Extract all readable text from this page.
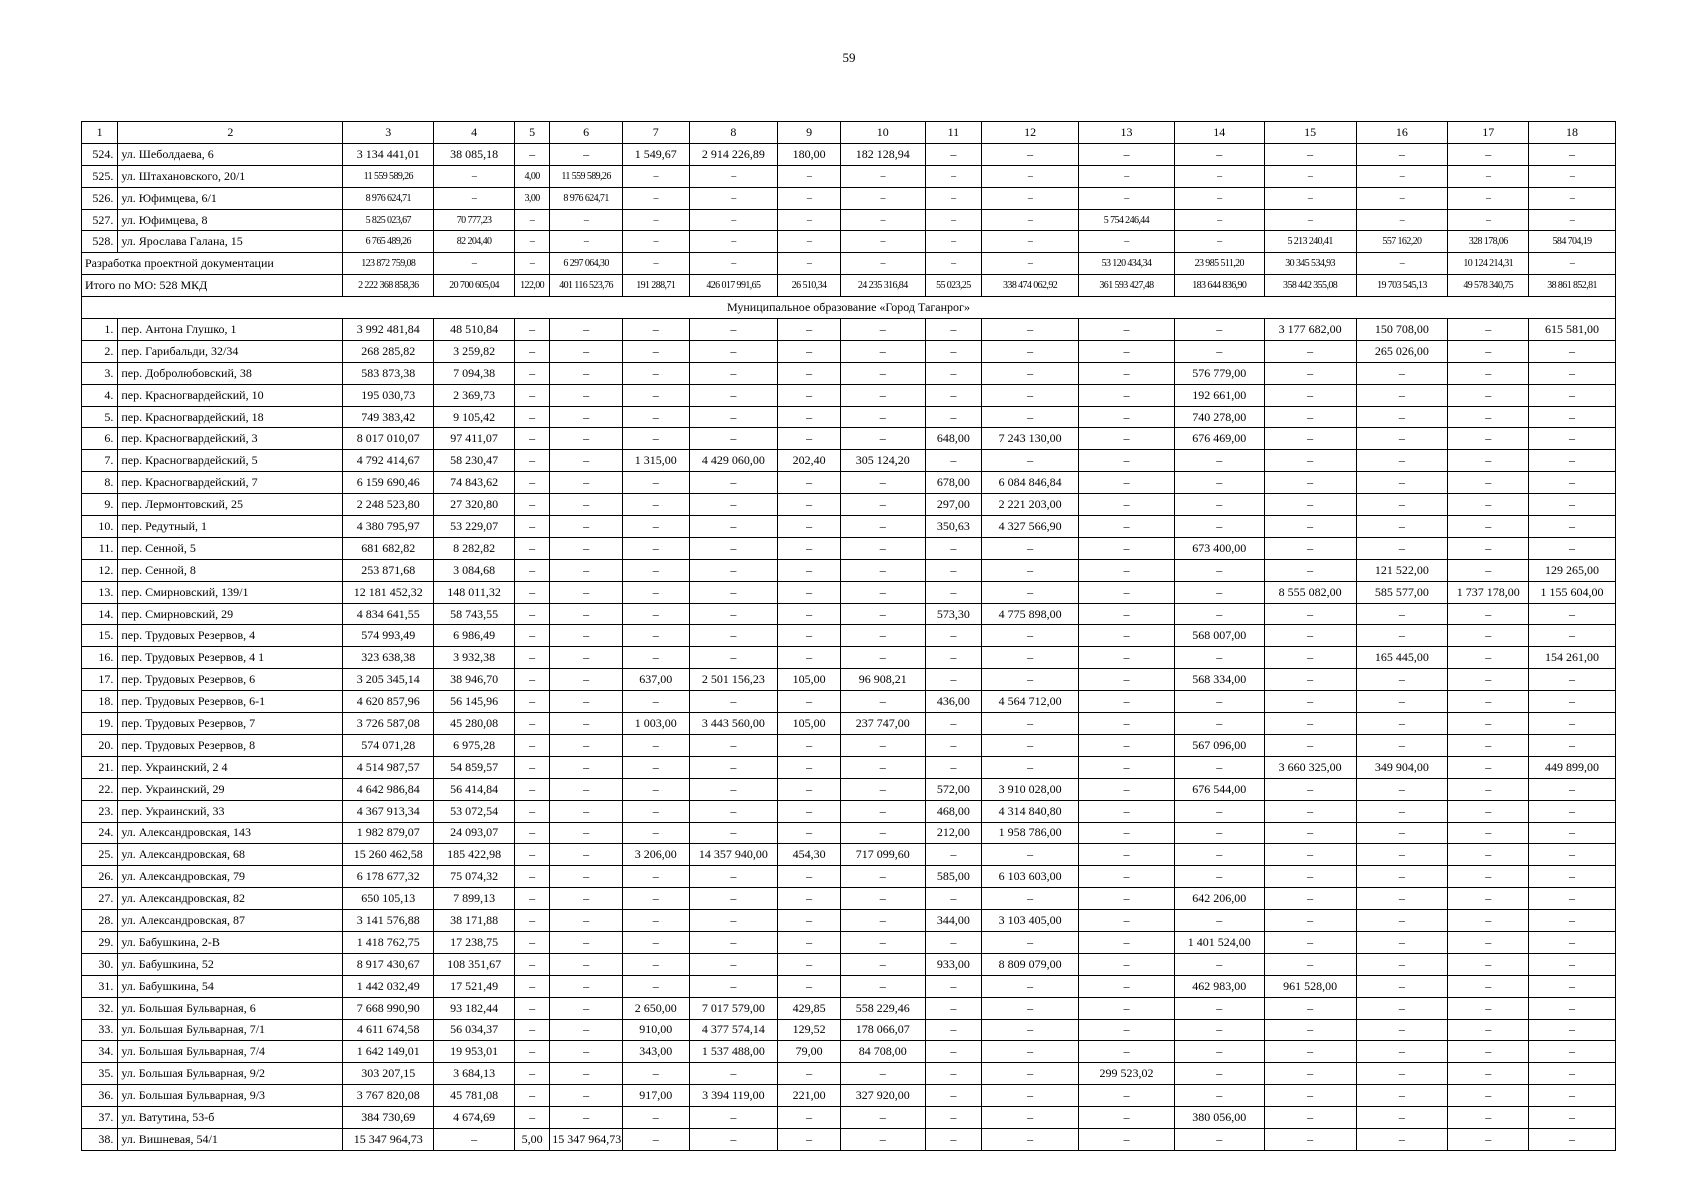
59
1	2	3	4	5	6	7	8	9	10	11	12	13	14	15	16	17	18
524.	ул. Шеболдаева, 6	3 134 441,01	38 085,18	–	–	1 549,67	2 914 226,89	180,00	182 128,94	–	–	–	–	–	–	–	–
525.	ул. Штахановского, 20/1	11 559 589,26	–	4,00	11 559 589,26	–	–	–	–	–	–	–	–	–	–	–	–
526.	ул. Юфимцева, 6/1	8 976 624,71	–	3,00	8 976 624,71	–	–	–	–	–	–	–	–	–	–	–	–
527.	ул. Юфимцева, 8	5 825 023,67	70 777,23	–	–	–	–	–	–	–	–	5 754 246,44	–	–	–	–	–
528.	ул. Ярослава Галана, 15	6 765 489,26	82 204,40	–	–	–	–	–	–	–	–	–	–	5 213 240,41	557 162,20	328 178,06	584 704,19
Разработка проектной документации		123 872 759,08	–	–	6 297 064,30	–	–	–	–	–	–	53 120 434,34	23 985 511,20	30 345 534,93	–	10 124 214,31	–
Итого по МО: 528 МКД		2 222 368 858,36	20 700 605,04	122,00	401 116 523,76	191 288,71	426 017 991,65	26 510,34	24 235 316,84	55 023,25	338 474 062,92	361 593 427,48	183 644 836,90	358 442 355,08	19 703 545,13	49 578 340,75	38 861 852,81
Муниципальное образование «Город Таганрог»																	
1.	пер. Антона Глушко, 1	3 992 481,84	48 510,84	–	–	–	–	–	–	–	–	–	–	3 177 682,00	150 708,00	–	615 581,00
2.	пер. Гарибальди, 32/34	268 285,82	3 259,82	–	–	–	–	–	–	–	–	–	–	–	265 026,00	–	–
3.	пер. Добролюбовский, 38	583 873,38	7 094,38	–	–	–	–	–	–	–	–	–	576 779,00	–	–	–	–
4.	пер. Красногвардейский, 10	195 030,73	2 369,73	–	–	–	–	–	–	–	–	–	192 661,00	–	–	–	–
5.	пер. Красногвардейский, 18	749 383,42	9 105,42	–	–	–	–	–	–	–	–	–	740 278,00	–	–	–	–
6.	пер. Красногвардейский, 3	8 017 010,07	97 411,07	–	–	–	–	–	–	648,00	7 243 130,00	–	676 469,00	–	–	–	–
7.	пер. Красногвардейский, 5	4 792 414,67	58 230,47	–	–	1 315,00	4 429 060,00	202,40	305 124,20	–	–	–	–	–	–	–	–
8.	пер. Красногвардейский, 7	6 159 690,46	74 843,62	–	–	–	–	–	–	678,00	6 084 846,84	–	–	–	–	–	–
9.	пер. Лермонтовский, 25	2 248 523,80	27 320,80	–	–	–	–	–	–	297,00	2 221 203,00	–	–	–	–	–	–
10.	пер. Редутный, 1	4 380 795,97	53 229,07	–	–	–	–	–	–	350,63	4 327 566,90	–	–	–	–	–	–
11.	пер. Сенной, 5	681 682,82	8 282,82	–	–	–	–	–	–	–	–	–	673 400,00	–	–	–	–
12.	пер. Сенной, 8	253 871,68	3 084,68	–	–	–	–	–	–	–	–	–	–	–	121 522,00	–	129 265,00
13.	пер. Смирновский, 139/1	12 181 452,32	148 011,32	–	–	–	–	–	–	–	–	–	–	8 555 082,00	585 577,00	1 737 178,00	1 155 604,00
14.	пер. Смирновский, 29	4 834 641,55	58 743,55	–	–	–	–	–	–	573,30	4 775 898,00	–	–	–	–	–	–
15.	пер. Трудовых Резервов, 4	574 993,49	6 986,49	–	–	–	–	–	–	–	–	–	568 007,00	–	–	–	–
16.	пер. Трудовых Резервов, 4 1	323 638,38	3 932,38	–	–	–	–	–	–	–	–	–	–	–	165 445,00	–	154 261,00
17.	пер. Трудовых Резервов, 6	3 205 345,14	38 946,70	–	–	637,00	2 501 156,23	105,00	96 908,21	–	–	–	568 334,00	–	–	–	–
18.	пер. Трудовых Резервов, 6-1	4 620 857,96	56 145,96	–	–	–	–	–	–	436,00	4 564 712,00	–	–	–	–	–	–
19.	пер. Трудовых Резервов, 7	3 726 587,08	45 280,08	–	–	1 003,00	3 443 560,00	105,00	237 747,00	–	–	–	–	–	–	–	–
20.	пер. Трудовых Резервов, 8	574 071,28	6 975,28	–	–	–	–	–	–	–	–	–	567 096,00	–	–	–	–
21.	пер. Украинский, 2 4	4 514 987,57	54 859,57	–	–	–	–	–	–	–	–	–	–	3 660 325,00	349 904,00	–	449 899,00
22.	пер. Украинский, 29	4 642 986,84	56 414,84	–	–	–	–	–	–	572,00	3 910 028,00	–	676 544,00	–	–	–	–
23.	пер. Украинский, 33	4 367 913,34	53 072,54	–	–	–	–	–	–	468,00	4 314 840,80	–	–	–	–	–	–
24.	ул. Александровская, 143	1 982 879,07	24 093,07	–	–	–	–	–	–	212,00	1 958 786,00	–	–	–	–	–	–
25.	ул. Александровская, 68	15 260 462,58	185 422,98	–	–	3 206,00	14 357 940,00	454,30	717 099,60	–	–	–	–	–	–	–	–
26.	ул. Александровская, 79	6 178 677,32	75 074,32	–	–	–	–	–	–	585,00	6 103 603,00	–	–	–	–	–	–
27.	ул. Александровская, 82	650 105,13	7 899,13	–	–	–	–	–	–	–	–	–	642 206,00	–	–	–	–
28.	ул. Александровская, 87	3 141 576,88	38 171,88	–	–	–	–	–	–	344,00	3 103 405,00	–	–	–	–	–	–
29.	ул. Бабушкина, 2-В	1 418 762,75	17 238,75	–	–	–	–	–	–	–	–	–	1 401 524,00	–	–	–	–
30.	ул. Бабушкина, 52	8 917 430,67	108 351,67	–	–	–	–	–	–	933,00	8 809 079,00	–	–	–	–	–	–
31.	ул. Бабушкина, 54	1 442 032,49	17 521,49	–	–	–	–	–	–	–	–	–	462 983,00	961 528,00	–	–	–
32.	ул. Большая Бульварная, 6	7 668 990,90	93 182,44	–	–	2 650,00	7 017 579,00	429,85	558 229,46	–	–	–	–	–	–	–	–
33.	ул. Большая Бульварная, 7/1	4 611 674,58	56 034,37	–	–	910,00	4 377 574,14	129,52	178 066,07	–	–	–	–	–	–	–	–
34.	ул. Большая Бульварная, 7/4	1 642 149,01	19 953,01	–	–	343,00	1 537 488,00	79,00	84 708,00	–	–	–	–	–	–	–	–
35.	ул. Большая Бульварная, 9/2	303 207,15	3 684,13	–	–	–	–	–	–	–	–	299 523,02	–	–	–	–	–
36.	ул. Большая Бульварная, 9/3	3 767 820,08	45 781,08	–	–	917,00	3 394 119,00	221,00	327 920,00	–	–	–	–	–	–	–	–
37.	ул. Ватутина, 53-б	384 730,69	4 674,69	–	–	–	–	–	–	–	–	–	380 056,00	–	–	–	–
38.	ул. Вишневая, 54/1	15 347 964,73	–	5,00	15 347 964,73	–	–	–	–	–	–	–	–	–	–	–	–
